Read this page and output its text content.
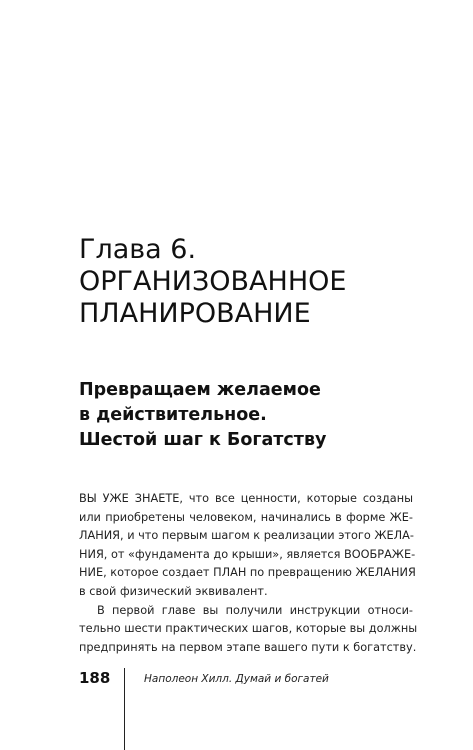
Глава 6.
ОРГАНИЗОВАННОЕ
ПЛАНИРОВАНИЕ
Превращаем желаемое
в действительное.
Шестой шаг к Богатству
ВЫ УЖЕ ЗНАЕТЕ, что все ценности, которые созданы
или приобретены человеком, начинались в форме ЖЕ-
ЛАНИЯ, и что первым шагом к реализации этого ЖЕЛА-
НИЯ, от «фундамента до крыши», является ВООБРАЖЕ-
НИЕ, которое создает ПЛАН по превращению ЖЕЛАНИЯ
в свой физический эквивалент.
В первой главе вы получили инструкции относи-
тельно шести практических шагов, которые вы должны
предпринять на первом этапе вашего пути к богатству.
188	Наполеон Хилл. Думай и богатей
